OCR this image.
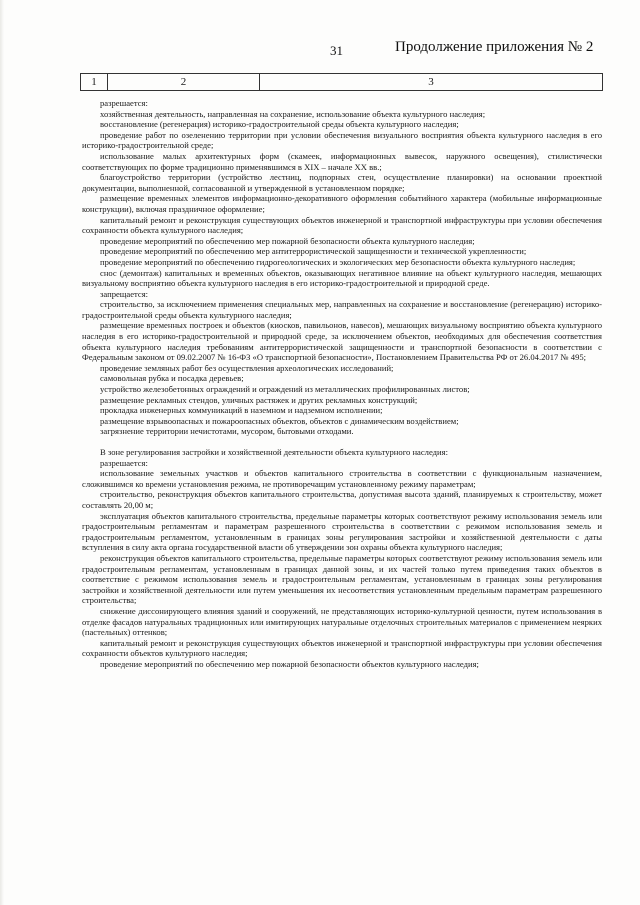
31	Продолжение приложения № 2
1	2	3

разрешается:

хозяйственная деятельность, направленная на сохранение, использование объекта культурного наследия;

восстановление (регенерация) историко-градостроительной среды объекта культурного наследия;

проведение работ по озеленению территории при условии обеспечения визуального восприятия объекта культурного наследия в его историко-градостроительной среде;

использование малых архитектурных форм (скамеек, информационных вывесок, наружного освещения), стилистически соответствующих по форме традиционно применявшимся в XIX – начале XX вв.;

благоустройство территории (устройство лестниц, подпорных стен, осуществление планировки) на основании проектной документации, выполненной, согласованной и утвержденной в установленном порядке;

размещение временных элементов информационно-декоративного оформления событийного характера (мобильные информационные конструкции), включая праздничное оформление;

капитальный ремонт и реконструкция существующих объектов инженерной и транспортной инфраструктуры при условии обеспечения сохранности объекта культурного наследия;

проведение мероприятий по обеспечению мер пожарной безопасности объекта культурного наследия;

проведение мероприятий по обеспечению мер антитеррористической защищенности и технической укрепленности;

проведение мероприятий по обеспечению гидрогеологических и экологических мер безопасности объекта культурного наследия;

снос (демонтаж) капитальных и временных объектов, оказывающих негативное влияние на объект культурного наследия, мешающих визуальному восприятию объекта культурного наследия в его историко-градостроительной и природной среде.

запрещается:

строительство, за исключением применения специальных мер, направленных на сохранение и восстановление (регенерацию) историко-градостроительной среды объекта культурного наследия;

размещение временных построек и объектов (киосков, павильонов, навесов), мешающих визуальному восприятию объекта культурного наследия в его историко-градостроительной и природной среде, за исключением объектов, необходимых для обеспечения соответствия объекта культурного наследия требованиям антитеррористической защищенности и транспортной безопасности в соответствии с Федеральным законом от 09.02.2007 № 16-ФЗ «О транспортной безопасности», Постановлением Правительства РФ от 26.04.2017 № 495;

проведение земляных работ без осуществления археологических исследований;

самовольная рубка и посадка деревьев;

устройство железобетонных ограждений и ограждений из металлических профилированных листов;

размещение рекламных стендов, уличных растяжек и других рекламных конструкций;

прокладка инженерных коммуникаций в наземном и надземном исполнении;

размещение взрывоопасных и пожароопасных объектов, объектов с динамическим воздействием;

загрязнение территории нечистотами, мусором, бытовыми отходами.

В зоне регулирования застройки и хозяйственной деятельности объекта культурного наследия:

разрешается:

использование земельных участков и объектов капитального строительства в соответствии с функциональным назначением, сложившимся ко времени установления режима, не противоречащим установленному режиму параметрам;

строительство, реконструкция объектов капитального строительства, допустимая высота зданий, планируемых к строительству, может составлять 20,00 м;

эксплуатация объектов капитального строительства, предельные параметры которых соответствуют режиму использования земель или градостроительным регламентам и параметрам разрешенного строительства в соответствии с режимом использования земель и градостроительным регламентом, установленным в границах зоны регулирования застройки и хозяйственной деятельности с даты вступления в силу акта органа государственной власти об утверждении зон охраны объекта культурного наследия;

реконструкция объектов капитального строительства, предельные параметры которых соответствуют режиму использования земель или градостроительным регламентам, установленным в границах данной зоны, и их частей только путем приведения таких объектов в соответствие с режимом использования земель и градостроительным регламентам, установленным в границах зоны регулирования застройки и хозяйственной деятельности или путем уменьшения их несоответствия установленным предельным параметрам разрешенного строительства;

снижение диссонирующего влияния зданий и сооружений, не представляющих историко-культурной ценности, путем использования в отделке фасадов натуральных традиционных или имитирующих натуральные отделочных строительных материалов с применением неярких (пастельных) оттенков;

капитальный ремонт и реконструкция существующих объектов инженерной и транспортной инфраструктуры при условии обеспечения сохранности объектов культурного наследия;

проведение мероприятий по обеспечению мер пожарной безопасности объектов культурного наследия;
